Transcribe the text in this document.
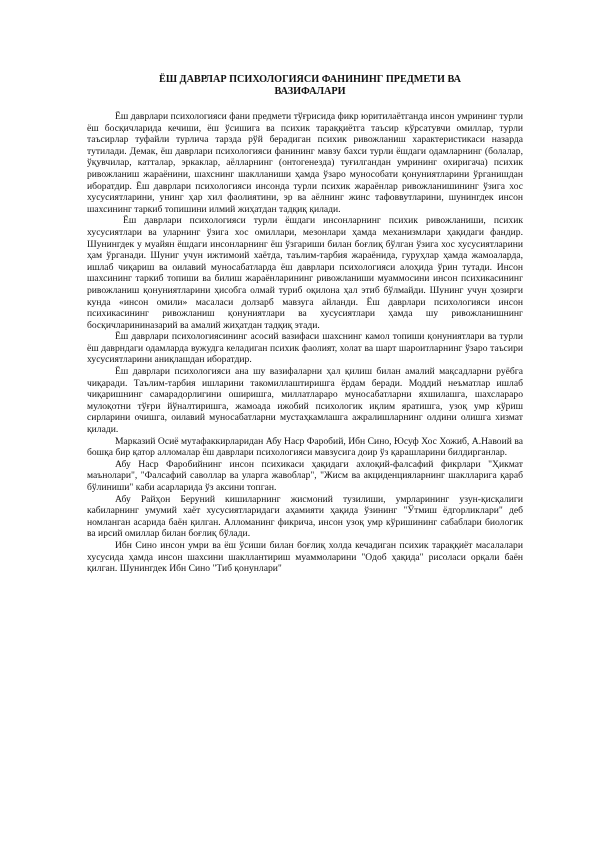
ЁШ ДАВРЛАР ПСИХОЛОГИЯСИ ФАНИНИНГ ПРЕДМЕТИ ВА
ВАЗИФАЛАРИ

Ёш даврлари психологияси фани предмети тўғрисида фикр юритилаётганда инсон умрининг турли ёш босқичларида кечиши, ёш ўсишига ва психик тараққиётга таъсир кўрсатувчи омиллар, турли таъсирлар туфайли турлича тарзда рўй берадиган психик ривожланиш характеристикаси назарда тутилади. Демак, ёш даврлари психологияси фанининг мавзу бахси турли ёшдаги одамларнинг (болалар, ўқувчилар, катталар, эркаклар, аёлларнинг (онтогенезда) туғилгандан умрининг охиригача) психик ривожланиш жараёнини, шахснинг шаклланиши ҳамда ўзаро мунособати қонуниятларини ўрганишдан иборатдир. Ёш даврлари психологияси инсонда турли психик жараёнлар ривожланишининг ўзига хос хусусиятларини, унинг ҳар хил фаолиятини, эр ва аёлнинг жинс тафоввутларини, шунингдек инсон шахсининг таркиб топишини илмий жиҳатдан тадқиқ қилади.

Ёш даврлари психологияси турли ёшдаги инсонларнинг психик ривожланиши, психик хусусиятлари ва уларнинг ўзига хос омиллари, мезонлари ҳамда механизмлари ҳақидаги фандир. Шунингдек у муайян ёшдаги инсонларнинг ёш ўзгариши билан боғлиқ бўлган ўзига хос хусусиятларини ҳам ўрганади. Шуниг учун ижтимоий хаётда, таълим-тарбия жараёнида, гуруҳлар ҳамда жамоаларда, ишлаб чиқариш ва оилавий муносабатларда ёш даврлари психологияси алоҳида ўрин тутади. Инсон шахсининг таркиб топиши ва билиш жараёнларининг ривожланиши муаммосини инсон психикасининг ривожланиш қонуниятларини ҳисобга олмай туриб оқилона ҳал этиб бўлмайди. Шунинг учун ҳозирги кунда «инсон омили» масаласи долзарб мавзуга айланди. Ёш даврлари психологияси инсон психикасининг ривожланиш қонуниятлари ва хусусиятлари ҳамда шу ривожланишнинг босқичларининазарий ва амалий жиҳатдан тадқиқ этади.

Ёш даврлари психологиясининг асосий вазифаси шахснинг камол топиши қонуниятлари ва турли ёш даврндаги одамларда вужудга келадиган психик фаолият, холат ва шарт шароитларнинг ўзаро таъсири хусусиятларини аниқлашдан иборатдир.

Ёш даврлари психологияси ана шу вазифаларни ҳал қилиш билан амалий мақсадларни руёбга чиқаради. Таълим-тарбия ишларини такомиллаштиришга ёрдам беради. Моддий неъматлар ишлаб чиқаришнинг самарадорлигини оширишга, миллатлараро муносабатларни яхшилашга, шахсларaро мулоқотни тўғри йўналтиришга, жамоада ижобий психологик иқлим яратишга, узоқ умр кўриш сирларини очишга, оилавий муносабатларни мустаҳкамлашга ажралишларнинг олдини олишга хизмат қилади.

Марказий Осиё мутафаккирларидан Абу Наср Фаробий, Ибн Сино, Юсуф Хос Хожиб, А.Навоий ва бошқа бир қатор алломалар ёш даврлари психологияси мавзусига доир ўз қарашларини билдирганлар.

Абу Наср Фаробийнинг инсон психикаси ҳақидаги ахлоқий-фалсафий фикрлари "Ҳикмат маънолари", "Фалсафий саволлар ва уларга жавоблар", "Жисм ва акциденцияларнинг шаклларига қараб бўлиниши" каби асарларида ўз аксини топган.

Абу Райҳон Беруний кишиларнинг жисмоний тузилиши, умрларининг узун-қисқалиги кабиларнинг умумий хаёт хусусиятларидаги аҳамияти ҳақида ўзининг "Ўтмиш ёдгорликлари" деб номланган асарида баён қилган. Алломанинг фикрича, инсон узоқ умр кўришининг сабаблари биологик ва ирсий омиллар билан боғлиқ бўлади.

Ибн Сино инсон умри ва ёш ўсиши билан боғлиқ холда кечадиган психик тараққиёт масалалари хусусида ҳамда инсон шахсини шакллантириш муаммоларини "Одоб ҳақида" рисоласи орқали баён қилган. Шунингдек Ибн Сино "Тиб қонунлари"
